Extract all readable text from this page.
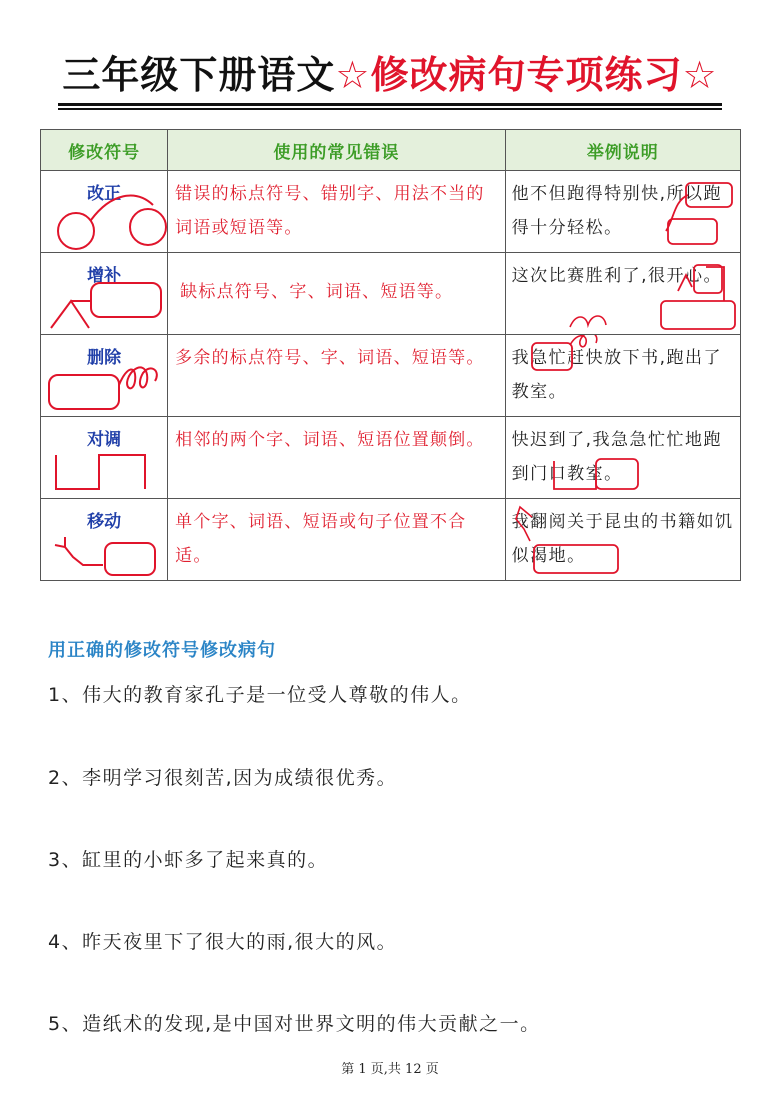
三年级下册语文☆修改病句专项练习☆
修改符号	使用的常见错误	举例说明

改正	错误的标点符号、错别字、用法不当的词语或短语等。	他不但跑得特别快,所以跑得十分轻松。

增补	缺标点符号、字、词语、短语等。	这次比赛胜利了,很开心。

删除	多余的标点符号、字、词语、短语等。	我急忙赶快放下书,跑出了教室。

对调	相邻的两个字、词语、短语位置颠倒。	快迟到了,我急急忙忙地跑到门口教室。

移动	单个字、词语、短语或句子位置不合适。	我翻阅关于昆虫的书籍如饥似渴地。
用正确的修改符号修改病句
1、伟大的教育家孔子是一位受人尊敬的伟人。
2、李明学习很刻苦,因为成绩很优秀。
3、缸里的小虾多了起来真的。
4、昨天夜里下了很大的雨,很大的风。
5、造纸术的发现,是中国对世界文明的伟大贡献之一。
第 1 页,共 12 页
